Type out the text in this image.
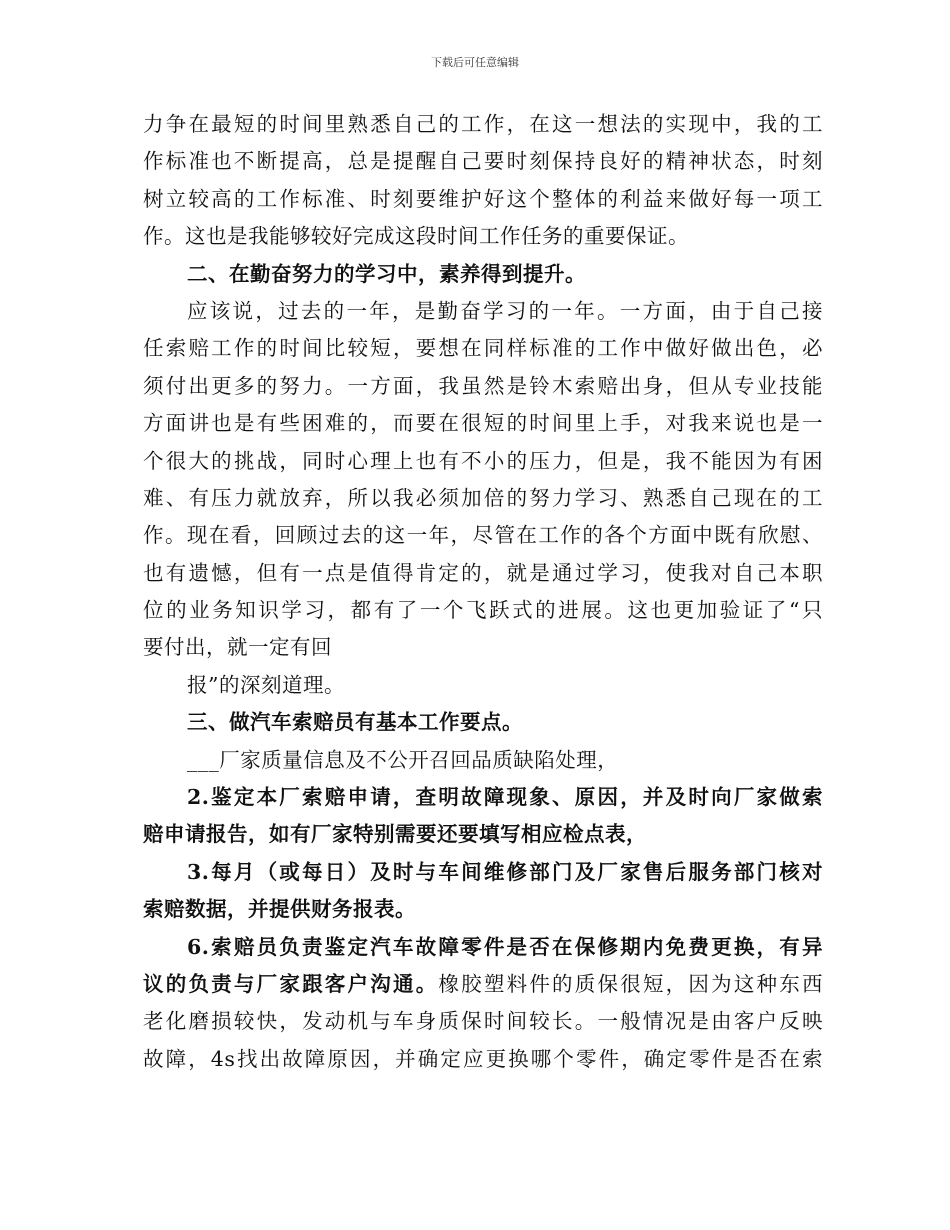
下载后可任意编辑
力争在最短的时间里熟悉自己的工作，在这一想法的实现中，我的工
作标准也不断提高，总是提醒自己要时刻保持良好的精神状态，时刻
树立较高的工作标准、时刻要维护好这个整体的利益来做好每一项工
作。这也是我能够较好完成这段时间工作任务的重要保证。
二、在勤奋努力的学习中，素养得到提升。
应该说，过去的一年，是勤奋学习的一年。一方面，由于自己接
任索赔工作的时间比较短，要想在同样标准的工作中做好做出色，必
须付出更多的努力。一方面，我虽然是铃木索赔出身，但从专业技能
方面讲也是有些困难的，而要在很短的时间里上手，对我来说也是一
个很大的挑战，同时心理上也有不小的压力，但是，我不能因为有困
难、有压力就放弃，所以我必须加倍的努力学习、熟悉自己现在的工
作。现在看，回顾过去的这一年，尽管在工作的各个方面中既有欣慰、
也有遗憾，但有一点是值得肯定的，就是通过学习，使我对自己本职
位的业务知识学习，都有了一个飞跃式的进展。这也更加验证了“只
要付出，就一定有回
报”的深刻道理。
三、做汽车索赔员有基本工作要点。
___厂家质量信息及不公开召回品质缺陷处理，
2.鉴定本厂索赔申请，查明故障现象、原因，并及时向厂家做索
赔申请报告，如有厂家特别需要还要填写相应检点表，
3.每月（或每日）及时与车间维修部门及厂家售后服务部门核对
索赔数据，并提供财务报表。
6.索赔员负责鉴定汽车故障零件是否在保修期内免费更换，有异
议的负责与厂家跟客户沟通。橡胶塑料件的质保很短，因为这种东西
老化磨损较快，发动机与车身质保时间较长。一般情况是由客户反映
故障，4s找出故障原因，并确定应更换哪个零件，确定零件是否在索
